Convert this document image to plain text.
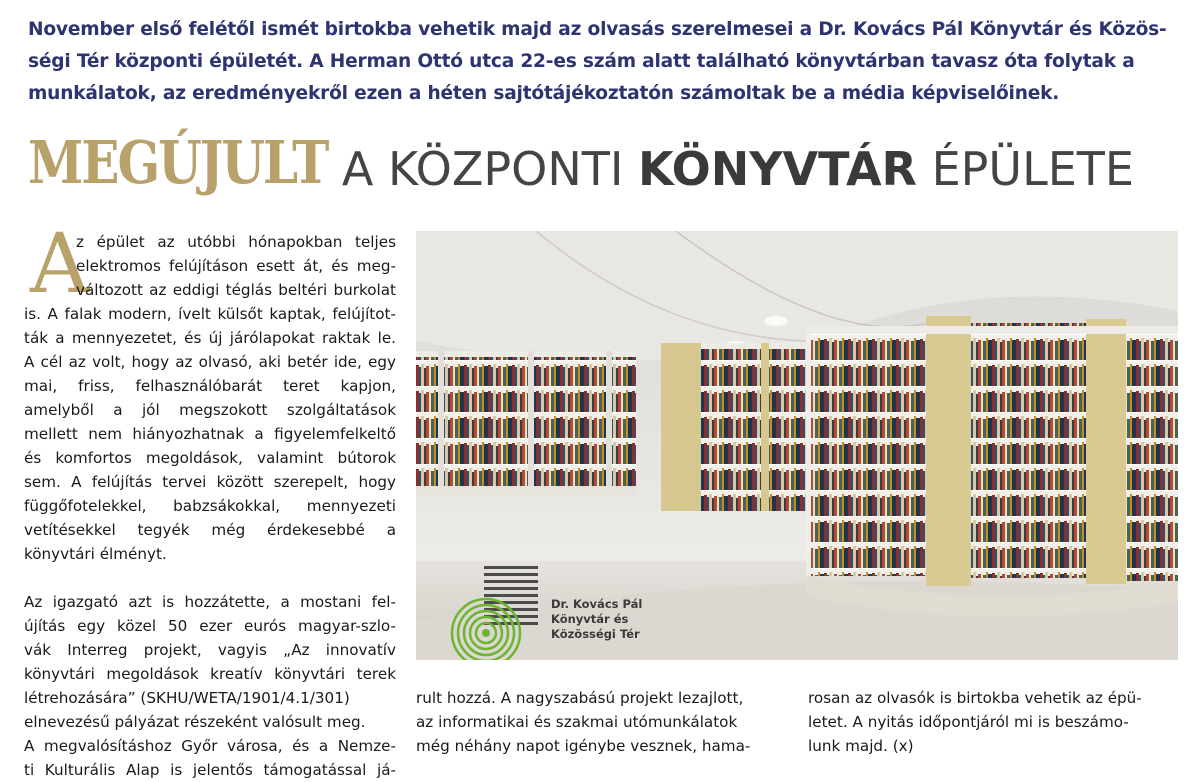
November első felétől ismét birtokba vehetik majd az olvasás szerelmesei a Dr. Kovács Pál Könyvtár és Közös-
ségi Tér központi épületét. A Herman Ottó utca 22-es szám alatt található könyvtárban tavasz óta folytak a
munkálatok, az eredményekről ezen a héten sajtótájékoztatón számoltak be a média képviselőinek.
MEGÚJULT A KÖZPONTI KÖNYVTÁR ÉPÜLETE
A
z épület az utóbbi hónapokban teljes
elektromos felújításon esett át, és meg-
változott az eddigi téglás beltéri burkolat
is. A falak modern, ívelt külsőt kaptak, felújítot-
ták a mennyezetet, és új járólapokat raktak le.
A cél az volt, hogy az olvasó, aki betér ide, egy
mai, friss, felhasználóbarát teret kapjon,
amelyből a jól megszokott szolgáltatások
mellett nem hiányozhatnak a figyelemfelkeltő
és komfortos megoldások, valamint bútorok
sem. A felújítás tervei között szerepelt, hogy
függőfotelekkel, babzsákokkal, mennyezeti
vetítésekkel tegyék még érdekesebbé a
könyvtári élményt.
Az igazgató azt is hozzátette, a mostani fel-
újítás egy közel 50 ezer eurós magyar-szlo-
vák Interreg projekt, vagyis „Az innovatív
könyvtári megoldások kreatív könyvtári terek
létrehozására” (SKHU/WETA/1901/4.1/301)
elnevezésű pályázat részeként valósult meg.
A megvalósításhoz Győr városa, és a Nemze-
ti Kulturális Alap is jelentős támogatással já-
Dr. Kovács Pál
Könyvtár és
Közösségi Tér
rult hozzá. A nagyszabású projekt lezajlott,
az informatikai és szakmai utómunkálatok
még néhány napot igénybe vesznek, hama-
rosan az olvasók is birtokba vehetik az épü-
letet. A nyitás időpontjáról mi is beszámo-
lunk majd. (x)
